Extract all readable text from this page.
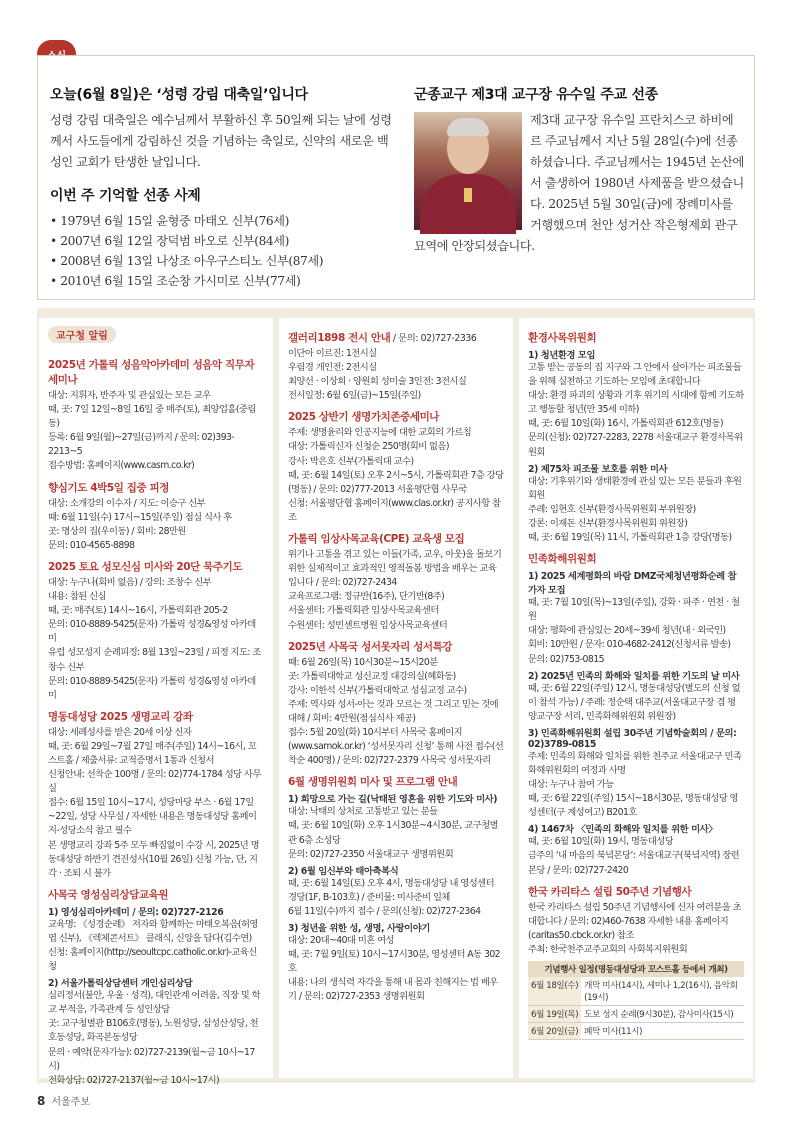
오늘(6월 8일)은 ‘성령 강림 대축일’입니다

성령 강림 대축일은 예수님께서 부활하신 후 50일째 되는 날에 성령께서 사도들에게 강림하신 것을 기념하는 축일로, 신약의 새로운 백성인 교회가 탄생한 날입니다.

이번 주 기억할 선종 사제
• 1979년 6월 15일 윤형중 마태오 신부(76세)
• 2007년 6월 12일 장덕범 바오로 신부(84세)
• 2008년 6월 13일 나상조 아우구스티노 신부(87세)
• 2010년 6월 15일 조순창 가시미로 신부(77세)
군종교구 제3대 교구장 유수일 주교 선종

제3대 교구장 유수일 프란치스코 하비에르 주교님께서 지난 5월 28일(수)에 선종하셨습니다. 주교님께서는 1945년 논산에서 출생하여 1980년 사제품을 받으셨습니다. 2025년 5월 30일(금)에 장례미사를 거행했으며 천안 성거산 작은형제회 관구 묘역에 안장되셨습니다.

교구청 알림
2025년 가톨릭 성음악아카데미 성음악 직무자 세미나

대상: 지휘자, 반주자 및 관심있는 모든 교우

때, 곳: 7일 12일~8일 16일 중 매주(토), 최양업홀(중림동)

등록: 6월 9일(월)~27일(금)까지 / 문의: 02)393-2213~5

접수방법: 홈페이지(www.casm.co.kr)

향심기도 4박5일 집중 피정

대상: 소개강의 이수자 / 지도: 이승구 신부

때: 6월 11일(수) 17시~15일(주일) 점심 식사 후

곳: 명상의 집(우이동) / 회비: 28만원

문의: 010-4565-8898

2025 토요 성모신심 미사와 20단 묵주기도

대상: 누구나(회비 없음) / 강의: 조창수 신부

내용: 참된 신심

때, 곳: 매주(토) 14시~16시, 가톨릭회관 205-2

문의: 010-8889-5425(문자) 가톨릭 성경&영성 아카데미

유럽 성모성지 순례피정: 8월 13일~23일 / 피정 지도: 조창수 신부

문의: 010-8889-5425(문자) 가톨릭 성경&영성 아카데미

명동대성당 2025 생명교리 강좌

대상: 세례성사를 받은 20세 이상 신자

때, 곳: 6월 29일~7월 27일 매주(주일) 14시~16시, 꼬스트홀 / 제출서류: 교적증명서 1통과 신청서

신청안내: 선착순 100명 / 문의: 02)774-1784 성당 사무실

접수: 6월 15일 10시~17시, 성당마당 부스 · 6월 17일~22일, 성당 사무실 / 자세한 내용은 명동대성당 홈페이지-성당소식 참고 필수

본 생명교리 강좌 5주 모두 빠짐없이 수강 시, 2025년 명동대성당 하반기 견진성사(10월 26일) 신청 가능, 단, 지각 · 조퇴 시 불가

사목국 영성심리상담교육원
1) 영성심리아카데미 / 문의: 02)727-2126

교육명: 《성경순례》 저자와 함께하는 마태오복음(허영엽 신부), 《렉체콘서트》 클래식, 신앙을 답다(김수연)

신청: 홈페이지(http://seoultcpc.catholic.or.kr)-교육신청

2) 서울가톨릭상담센터 개인심리상담

심리정서(불안, 우울 · 성격), 대인관계 어려움, 직장 및 학교 부적응, 가족관계 등 성인상담

곳: 교구청별관 B106호(명동), 노원성당, 삼성산성당, 천호동성당, 화곡본동성당

문의 · 예약(문자가능): 02)727-2139(월~금 10시~17시)

전화상담: 02)727-2137(월~금 10시~17시)

갤러리1898 전시 안내 / 문의: 02)727-2336

이단아 이르진: 1전시실

우림경 개인전: 2전시실

최양선 · 이상희 · 양원희 성미술 3인전: 3전시실

전시일정: 6월 6일(금)~15일(주일)

2025 상반기 생명가치존중세미나

주제: 생명윤리와 인공지능에 대한 교회의 가르침

대상: 가톨릭신자 신청순 250명(회비 없음)

강사: 박은호 신부(가톨릭대 교수)

때, 곳: 6월 14일(토) 오후 2시~5시, 가톨릭회관 7층 강당(명동) / 문의: 02)777-2013 서울평단협 사무국

신청: 서울평단협 홈페이지(www.clas.or.kr) 공지사항 참조

가톨릭 임상사목교육(CPE) 교육생 모집

위기나 고통을 겪고 있는 이들(가족, 교우, 아웃)을 돌보기 위한 실제적이고 효과적인 영적돌봄 방법을 배우는 교육입니다 / 문의: 02)727-2434

교육프로그램: 정규반(16주), 단기반(8주)

서울센터: 가톨릭회관 임상사목교육센터

수원센터: 성빈센트병원 임상사목교육센터

2025년 사목국 성서못자리 성서특강

때: 6월 26일(목) 10시30분~15시20분

곳: 가톨릭대학교 성신교정 대강의실(혜화동)

강사: 이한석 신부(가톨릭대학교 성심교정 교수)

주제: 역사와 성서-아는 것과 모르는 것 그리고 믿는 것에 대해 / 회비: 4만원(점심식사 제공)

접수: 5월 20일(화) 10시부터 사목국 홈페이지(www.samok.or.kr) ‘성서못자리 신청’ 통해 사전 접수(선착순 400명) / 문의: 02)727-2379 사목국 성서못자리

6월 생명위원회 미사 및 프로그램 안내
1) 희망으로 가는 길(낙태된 영혼을 위한 기도와 미사)

대상: 낙태의 상처로 고통받고 있는 분들

때, 곳: 6월 10일(화) 오후 1시30분~4시30분, 교구청별관 6층 소성당

문의: 02)727-2350 서울대교구 생명위원회

2) 6월 임신부와 태아축복식

때, 곳: 6월 14일(토) 오후 4시, 명동대성당 내 영성센터 경당(1F, B-103호) / 준비물: 미사준비 일체

6월 11일(수)까지 접수 / 문의(신청): 02)727-2364

3) 청년을 위한 성, 생명, 사랑이야기

대상: 20대~40대 미혼 여성

때, 곳: 7월 9일(토) 10시~17시30분, 영성센터 A동 302호

내용: 나의 생식력 자각을 통해 내 몸과 친해지는 법 배우기 / 문의: 02)727-2353 생명위원회

환경사목위원회
1) 청년환경 모임

고통 받는 공동의 집 지구와 그 안에서 살아가는 피조물들을 위해 실천하고 기도하는 모임에 초대합니다

대상: 환경 파괴의 상황과 기후 위기의 시대에 함께 기도하고 행동할 청년(만 35세 이하)

때, 곳: 6월 10일(화) 16시, 가톨릭회관 612호(명동)

문의(신청): 02)727-2283, 2278 서울대교구 환경사목위원회

2) 제75차 피조물 보호를 위한 미사

대상: 기후위기와 생태환경에 관심 있는 모든 분들과 후원회원

주례: 임현호 신부(환경사목위원회 부위원장)

강론: 이재돈 신부(환경사목위원회 위원장)

때, 곳: 6월 19일(목) 11시, 가톨릭회관 1층 강당(명동)

민족화해위원회
1) 2025 세계평화의 바람 DMZ국제청년평화순례 참가자 모집

때, 곳: 7월 10일(목)~13일(주일), 강화 · 파주 · 연천 · 철원

대상: 평화에 관심있는 20세~39세 청년(내 · 외국인)

회비: 10만원 / 문자: 010-4682-2412(신청서류 발송)

문의: 02)753-0815

2) 2025년 민족의 화해와 일치를 위한 기도의 날 미사

때, 곳: 6월 22일(주일) 12시, 명동대성당(별도의 신청 없이 참석 가능) / 주례: 정순택 대주교(서울대교구장 겸 평양교구장 서리, 민족화해위원회 위원장)

3) 민족화해위원회 설립 30주년 기념학술회의 / 문의: 02)3789-0815

주제: 민족의 화해와 일치를 위한 천주교 서울대교구 민족화해위원회의 여정과 사명

대상: 누구나 참여 가능

때, 곳: 6월 22일(주일) 15시~18시30분, 명동대성당 영성센터(구 계성여고) B201호

4) 1467차 〈민족의 화해와 일치를 위한 미사〉

때, 곳: 6월 10일(화) 19시, 명동대성당

금주의 ‘내 마음의 북녘본당’: 서울대교구(북녘지역) 장련 본당 / 문의: 02)727-2420

한국 카리타스 설립 50주년 기념행사

한국 카리타스 설립 50주년 기념행사에 신자 여러분을 초대합니다 / 문의: 02)460-7638 자세한 내용 홈페이지(caritas50.cbck.or.kr) 참조

주최: 한국천주교주교회의 사회복지위원회

기념행사 일정(명동대성당과 꼬스트홀 등에서 개최)	
6월 18일(수)	개막 미사(14시), 세미나 1,2(16시), 음악회(19시)
6월 19일(목)	도보 성지 순례(9시30분), 감사미사(15시)
6월 20일(금)	폐막 미사(11시)
8 서울주보
